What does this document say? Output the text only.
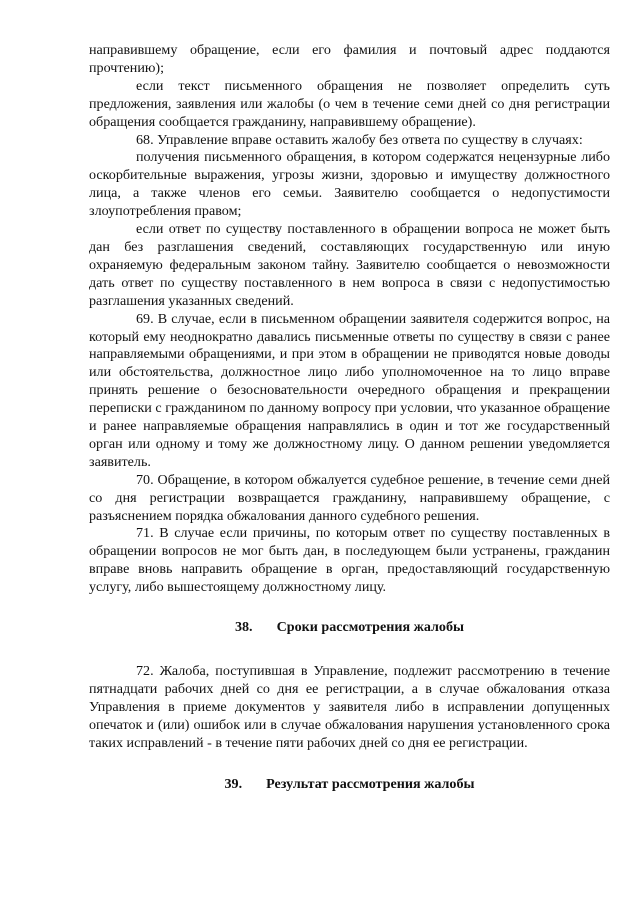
направившему обращение, если его фамилия и почтовый адрес поддаются прочтению);

если текст письменного обращения не позволяет определить суть предложения, заявления или жалобы (о чем в течение семи дней со дня регистрации обращения сообщается гражданину, направившему обращение).

68. Управление вправе оставить жалобу без ответа по существу в случаях:

получения письменного обращения, в котором содержатся нецензурные либо оскорбительные выражения, угрозы жизни, здоровью и имуществу должностного лица, а также членов его семьи. Заявителю сообщается о недопустимости злоупотребления правом;

если ответ по существу поставленного в обращении вопроса не может быть дан без разглашения сведений, составляющих государственную или иную охраняемую федеральным законом тайну. Заявителю сообщается о невозможности дать ответ по существу поставленного в нем вопроса в связи с недопустимостью разглашения указанных сведений.

69. В случае, если в письменном обращении заявителя содержится вопрос, на который ему неоднократно давались письменные ответы по существу в связи с ранее направляемыми обращениями, и при этом в обращении не приводятся новые доводы или обстоятельства, должностное лицо либо уполномоченное на то лицо вправе принять решение о безосновательности очередного обращения и прекращении переписки с гражданином по данному вопросу при условии, что указанное обращение и ранее направляемые обращения направлялись в один и тот же государственный орган или одному и тому же должностному лицу. О данном решении уведомляется заявитель.

70. Обращение, в котором обжалуется судебное решение, в течение семи дней со дня регистрации возвращается гражданину, направившему обращение, с разъяснением порядка обжалования данного судебного решения.

71. В случае если причины, по которым ответ по существу поставленных в обращении вопросов не мог быть дан, в последующем были устранены, гражданин вправе вновь направить обращение в орган, предоставляющий государственную услугу, либо вышестоящему должностному лицу.

38. Сроки рассмотрения жалобы

72. Жалоба, поступившая в Управление, подлежит рассмотрению в течение пятнадцати рабочих дней со дня ее регистрации, а в случае обжалования отказа Управления в приеме документов у заявителя либо в исправлении допущенных опечаток и (или) ошибок или в случае обжалования нарушения установленного срока таких исправлений - в течение пяти рабочих дней со дня ее регистрации.

39. Результат рассмотрения жалобы
